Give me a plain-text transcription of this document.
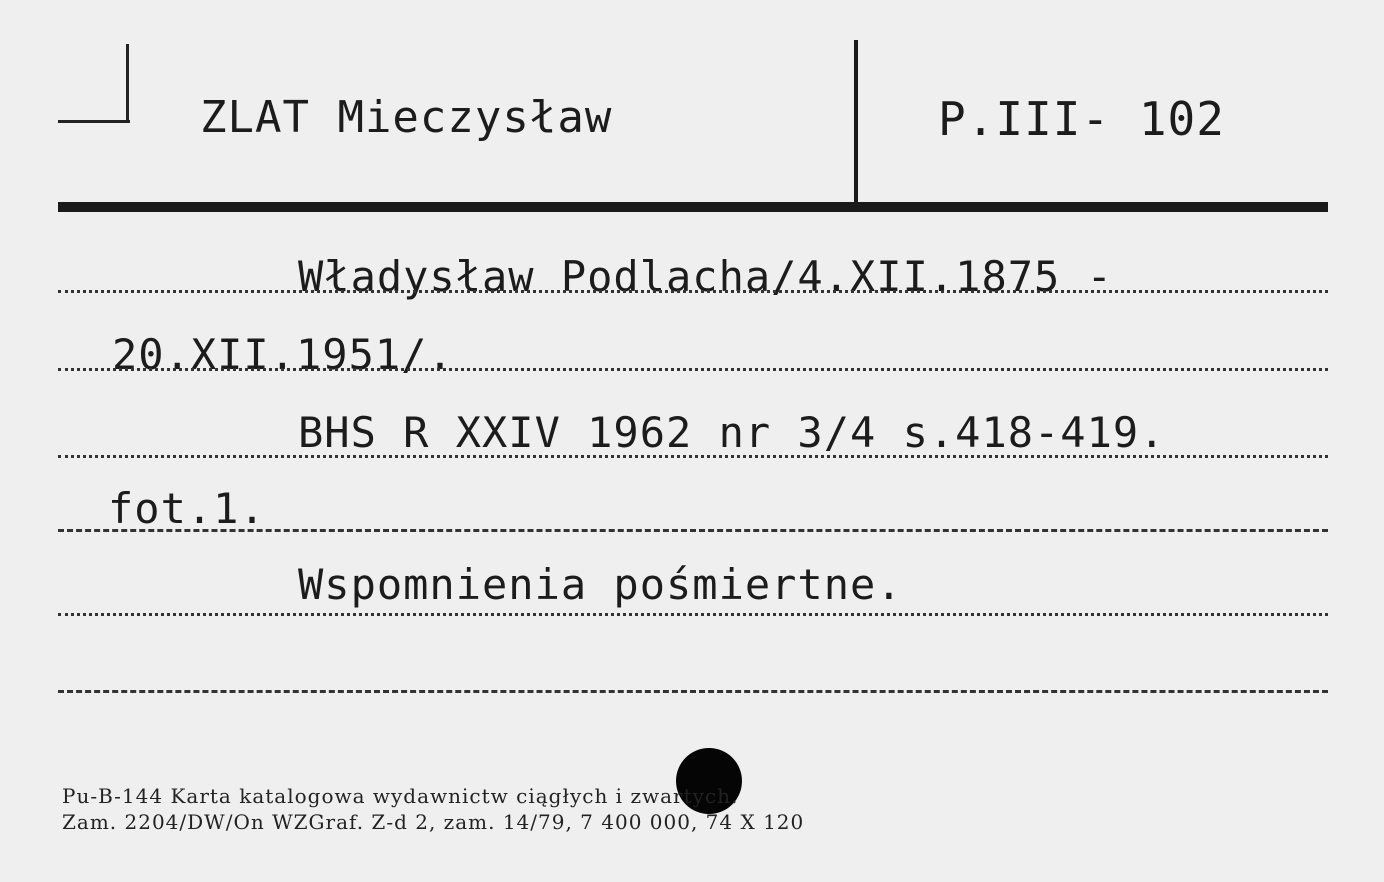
ZLAT Mieczysław	P.III- 102
Władysław Podlacha/4.XII.1875 -
20.XII.1951/.
BHS R XXIV 1962 nr 3/4 s.418-419.
fot.1.
Wspomnienia pośmiertne.
Pu-B-144 Karta katalogowa wydawnictw ciągłych i zwartych.
Zam. 2204/DW/On WZGraf. Z-d 2, zam. 14/79, 7 400 000, 74 X 120
